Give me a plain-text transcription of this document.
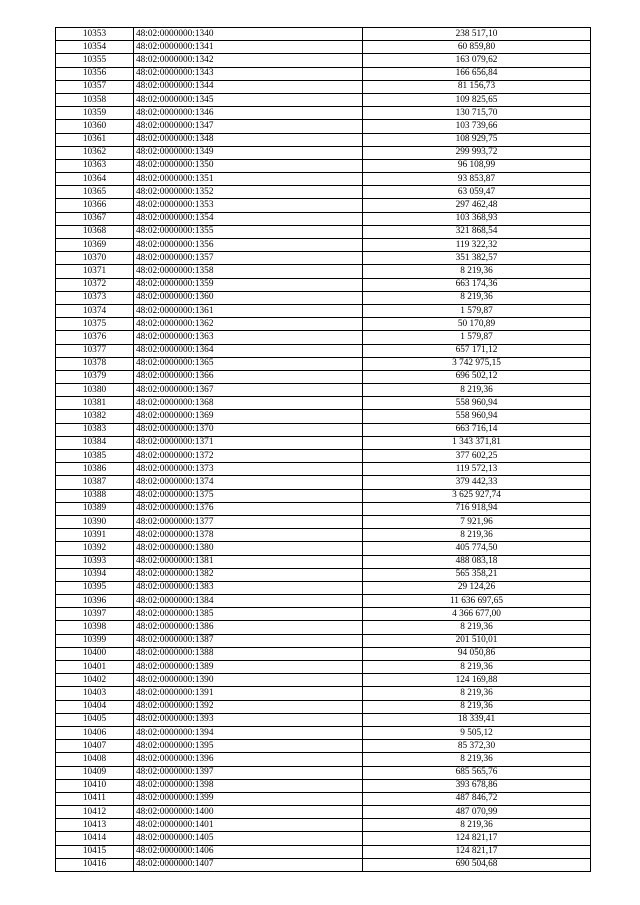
10353	48:02:0000000:1340	238 517,10
10354	48:02:0000000:1341	60 859,80
10355	48:02:0000000:1342	163 079,62
10356	48:02:0000000:1343	166 656,84
10357	48:02:0000000:1344	81 156,73
10358	48:02:0000000:1345	109 825,65
10359	48:02:0000000:1346	130 715,70
10360	48:02:0000000:1347	103 739,66
10361	48:02:0000000:1348	108 929,75
10362	48:02:0000000:1349	299 993,72
10363	48:02:0000000:1350	96 108,99
10364	48:02:0000000:1351	93 853,87
10365	48:02:0000000:1352	63 059,47
10366	48:02:0000000:1353	297 462,48
10367	48:02:0000000:1354	103 368,93
10368	48:02:0000000:1355	321 868,54
10369	48:02:0000000:1356	119 322,32
10370	48:02:0000000:1357	351 382,57
10371	48:02:0000000:1358	8 219,36
10372	48:02:0000000:1359	663 174,36
10373	48:02:0000000:1360	8 219,36
10374	48:02:0000000:1361	1 579,87
10375	48:02:0000000:1362	50 170,89
10376	48:02:0000000:1363	1 579,87
10377	48:02:0000000:1364	657 171,12
10378	48:02:0000000:1365	3 742 975,15
10379	48:02:0000000:1366	696 502,12
10380	48:02:0000000:1367	8 219,36
10381	48:02:0000000:1368	558 960,94
10382	48:02:0000000:1369	558 960,94
10383	48:02:0000000:1370	663 716,14
10384	48:02:0000000:1371	1 343 371,81
10385	48:02:0000000:1372	377 602,25
10386	48:02:0000000:1373	119 572,13
10387	48:02:0000000:1374	379 442,33
10388	48:02:0000000:1375	3 625 927,74
10389	48:02:0000000:1376	716 918,94
10390	48:02:0000000:1377	7 921,96
10391	48:02:0000000:1378	8 219,36
10392	48:02:0000000:1380	405 774,50
10393	48:02:0000000:1381	488 083,18
10394	48:02:0000000:1382	565 358,21
10395	48:02:0000000:1383	29 124,26
10396	48:02:0000000:1384	11 636 697,65
10397	48:02:0000000:1385	4 366 677,00
10398	48:02:0000000:1386	8 219,36
10399	48:02:0000000:1387	201 510,01
10400	48:02:0000000:1388	94 050,86
10401	48:02:0000000:1389	8 219,36
10402	48:02:0000000:1390	124 169,88
10403	48:02:0000000:1391	8 219,36
10404	48:02:0000000:1392	8 219,36
10405	48:02:0000000:1393	18 339,41
10406	48:02:0000000:1394	9 505,12
10407	48:02:0000000:1395	85 372,30
10408	48:02:0000000:1396	8 219,36
10409	48:02:0000000:1397	685 565,76
10410	48:02:0000000:1398	393 678,86
10411	48:02:0000000:1399	487 846,72
10412	48:02:0000000:1400	487 070,99
10413	48:02:0000000:1401	8 219,36
10414	48:02:0000000:1405	124 821,17
10415	48:02:0000000:1406	124 821,17
10416	48:02:0000000:1407	690 504,68
